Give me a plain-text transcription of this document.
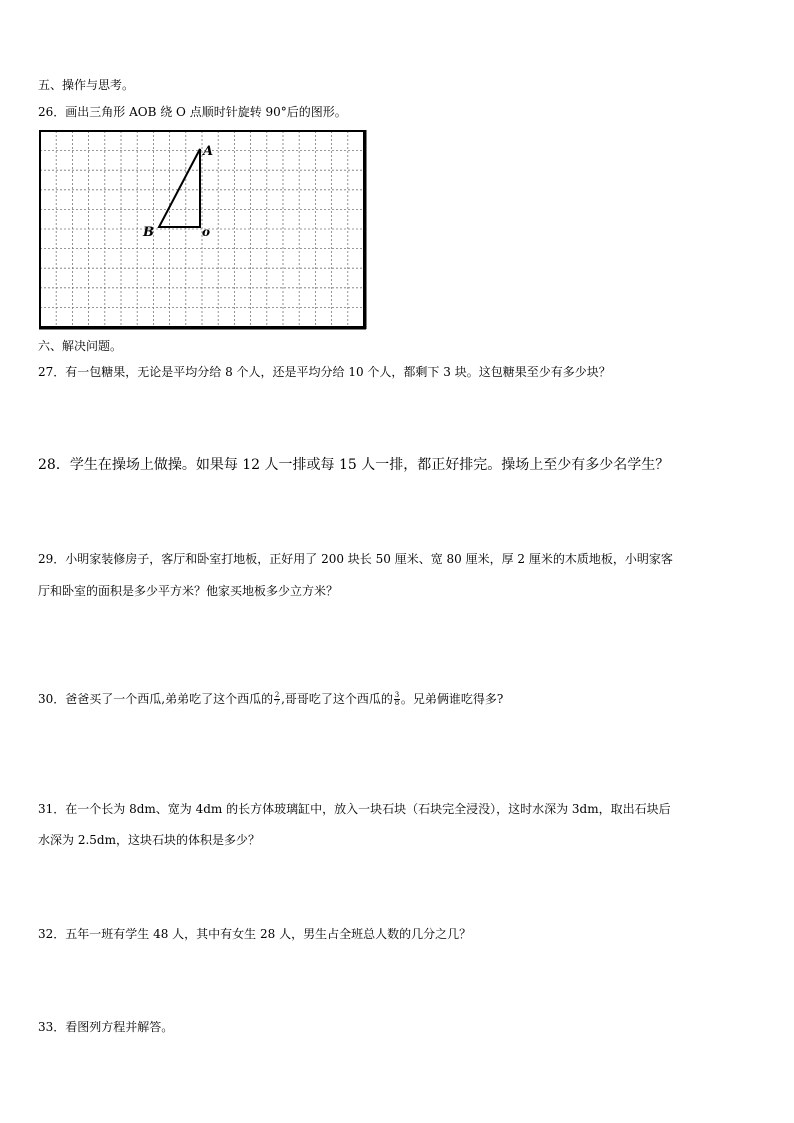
五、操作与思考。
26．画出三角形 AOB 绕 O 点顺时针旋转 90°后的图形。
A
B	o
六、解决问题。
27．有一包糖果，无论是平均分给 8 个人，还是平均分给 10 个人，都剩下 3 块。这包糖果至少有多少块？
28．学生在操场上做操。如果每 12 人一排或每 15 人一排，都正好排完。操场上至少有多少名学生？
29．小明家装修房子，客厅和卧室打地板，正好用了 200 块长 50 厘米、宽 80 厘米，厚 2 厘米的木质地板，小明家客
厅和卧室的面积是多少平方米？他家买地板多少立方米？
30．爸爸买了一个西瓜,弟弟吃了这个西瓜的 $\frac{2}{7}$ ,哥哥吃了这个西瓜的 $\frac{3}{8}$ 。兄弟俩谁吃得多?
31．在一个长为 8dm、宽为 4dm 的长方体玻璃缸中，放入一块石块（石块完全浸没），这时水深为 3dm，取出石块后
水深为 2.5dm，这块石块的体积是多少？
32．五年一班有学生 48 人，其中有女生 28 人，男生占全班总人数的几分之几？
33．看图列方程并解答。
